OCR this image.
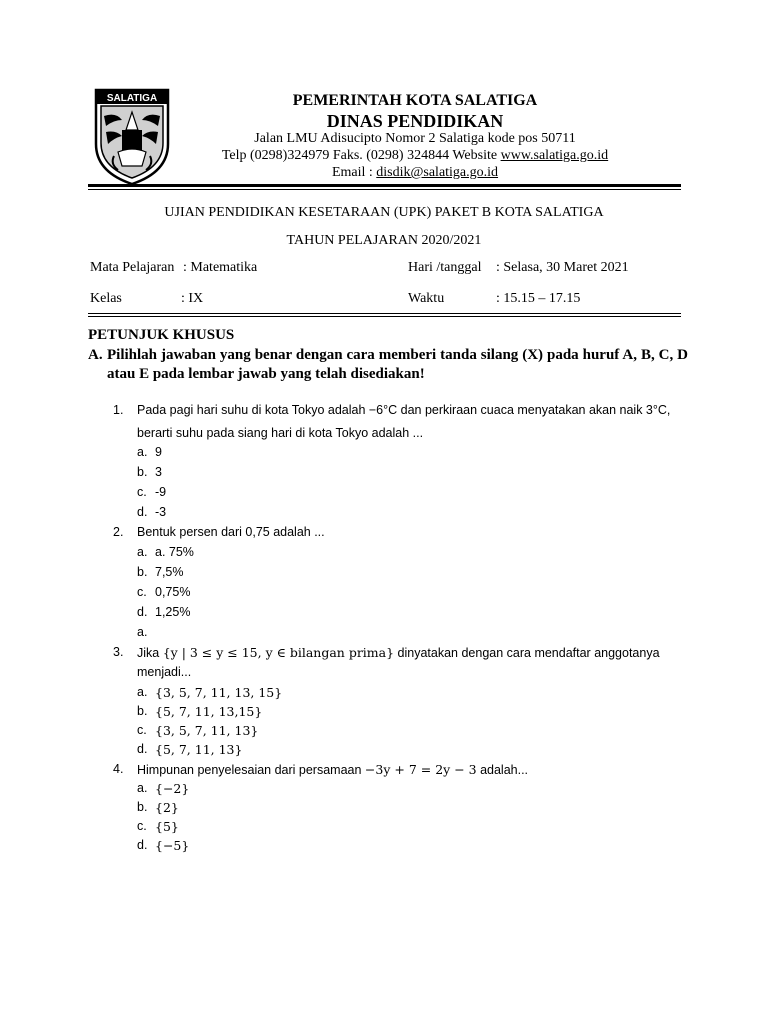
SALATIGA	PEMERINTAH KOTA SALATIGA
DINAS PENDIDIKAN
Jalan LMU Adisucipto Nomor 2 Salatiga kode pos 50711
Telp (0298)324979 Faks. (0298) 324844 Website www.salatiga.go.id
Email : disdik@salatiga.go.id
UJIAN PENDIDIKAN KESETARAAN (UPK) PAKET B KOTA SALATIGA
TAHUN PELAJARAN 2020/2021
Mata Pelajaran : Matematika	Hari /tanggal : Selasa, 30 Maret 2021
Kelas	: IX	Waktu	: 15.15 – 17.15
PETUNJUK KHUSUS
A. Pilihlah jawaban yang benar dengan cara memberi tanda silang (X) pada huruf A, B, C, D atau E pada lembar jawab yang telah disediakan!
1. Pada pagi hari suhu di kota Tokyo adalah −6°C dan perkiraan cuaca menyatakan akan naik 3°C,
berarti suhu pada siang hari di kota Tokyo adalah ...
a. 9
b. 3
c. -9
d. -3
2. Bentuk persen dari 0,75 adalah ...
a. a. 75%
b. 7,5%
c. 0,75%
d. 1,25%
a.
3. Jika {y | 3 ≤ y ≤ 15, y ∈ bilangan prima} dinyatakan dengan cara mendaftar anggotanya
menjadi...
a. {3, 5, 7, 11, 13, 15}
b. {5, 7, 11, 13,15}
c. {3, 5, 7, 11, 13}
d. {5, 7, 11, 13}
4. Himpunan penyelesaian dari persamaan −3y + 7 = 2y − 3 adalah...
a. {−2}
b. {2}
c. {5}
d. {−5}
